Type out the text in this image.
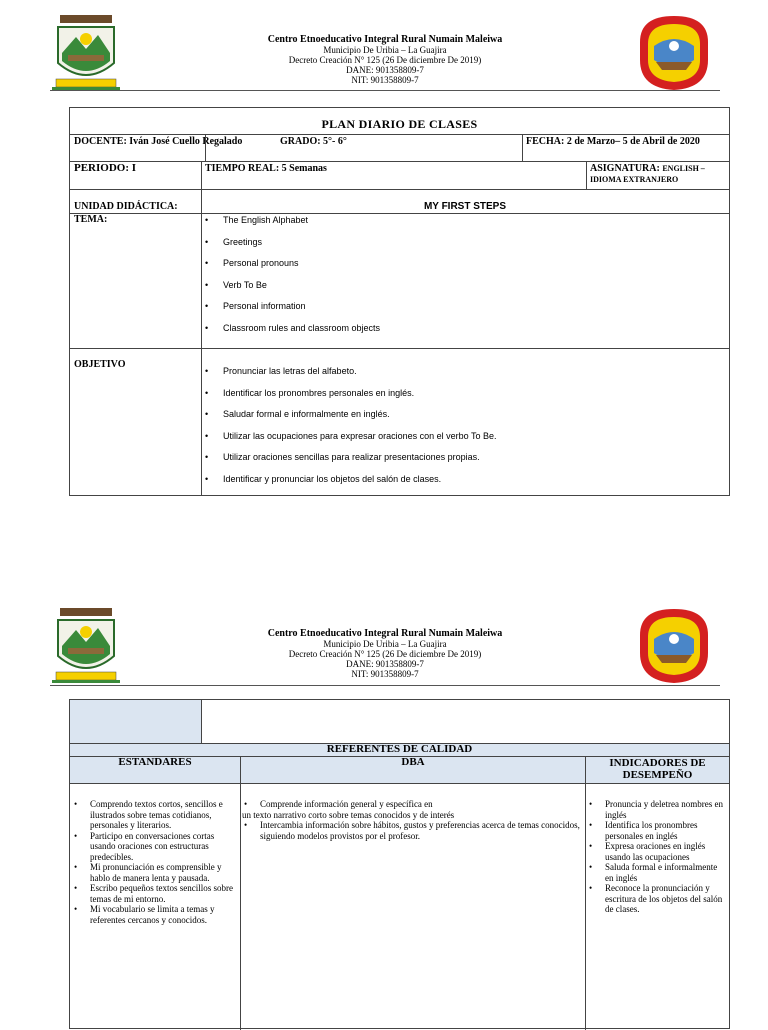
Centro Etnoeducativo Integral Rural Numain Maleiwa
Municipio De Uribia – La Guajira
Decreto Creación N° 125 (26 De diciembre De 2019)
DANE: 901358809-7
NIT: 901358809-7
PLAN DIARIO DE CLASES
DOCENTE: Iván José Cuello Regalado	GRADO: 5°- 6°	FECHA: 2 de Marzo– 5 de Abril de 2020
PERIODO: I	TIEMPO REAL: 5 Semanas	ASIGNATURA: ENGLISH – IDIOMA EXTRANJERO
UNIDAD DIDÁCTICA:	MY FIRST STEPS
TEMA:
•	The English Alphabet
• Greetings
• Personal pronouns
• Verb To Be
• Personal information
• Classroom rules and classroom objects
OBJETIVO
• Pronunciar las letras del alfabeto.
• Identificar los pronombres personales en inglés.
• Saludar formal e informalmente en inglés.
• Utilizar las ocupaciones para expresar oraciones con el verbo To Be.
• Utilizar oraciones sencillas para realizar presentaciones propias.
• Identificar y pronunciar los objetos del salón de clases.
Centro Etnoeducativo Integral Rural Numain Maleiwa
Municipio De Uribia – La Guajira
Decreto Creación N° 125 (26 De diciembre De 2019)
DANE: 901358809-7
NIT: 901358809-7
REFERENTES DE CALIDAD
ESTANDARES	DBA	INDICADORES DE DESEMPEÑO
• Comprendo textos cortos, sencillos e ilustrados sobre temas cotidianos, personales y literarios.
• Participo en conversaciones cortas usando oraciones con estructuras predecibles.
• Mi pronunciación es comprensible y hablo de manera lenta y pausada.
• Escribo pequeños textos sencillos sobre temas de mi entorno.
• Mi vocabulario se limita a temas y referentes cercanos y conocidos.
• Comprende información general y específica en
un texto narrativo corto sobre temas conocidos y de interés
• Intercambia información sobre hábitos, gustos y preferencias acerca de temas conocidos, siguiendo modelos provistos por el profesor.
• Pronuncia y deletrea nombres en inglés
• Identifica los pronombres personales en inglés
• Expresa oraciones en inglés usando las ocupaciones
• Saluda formal e informalmente en inglés
• Reconoce la pronunciación y escritura de los objetos del salón de clases.
